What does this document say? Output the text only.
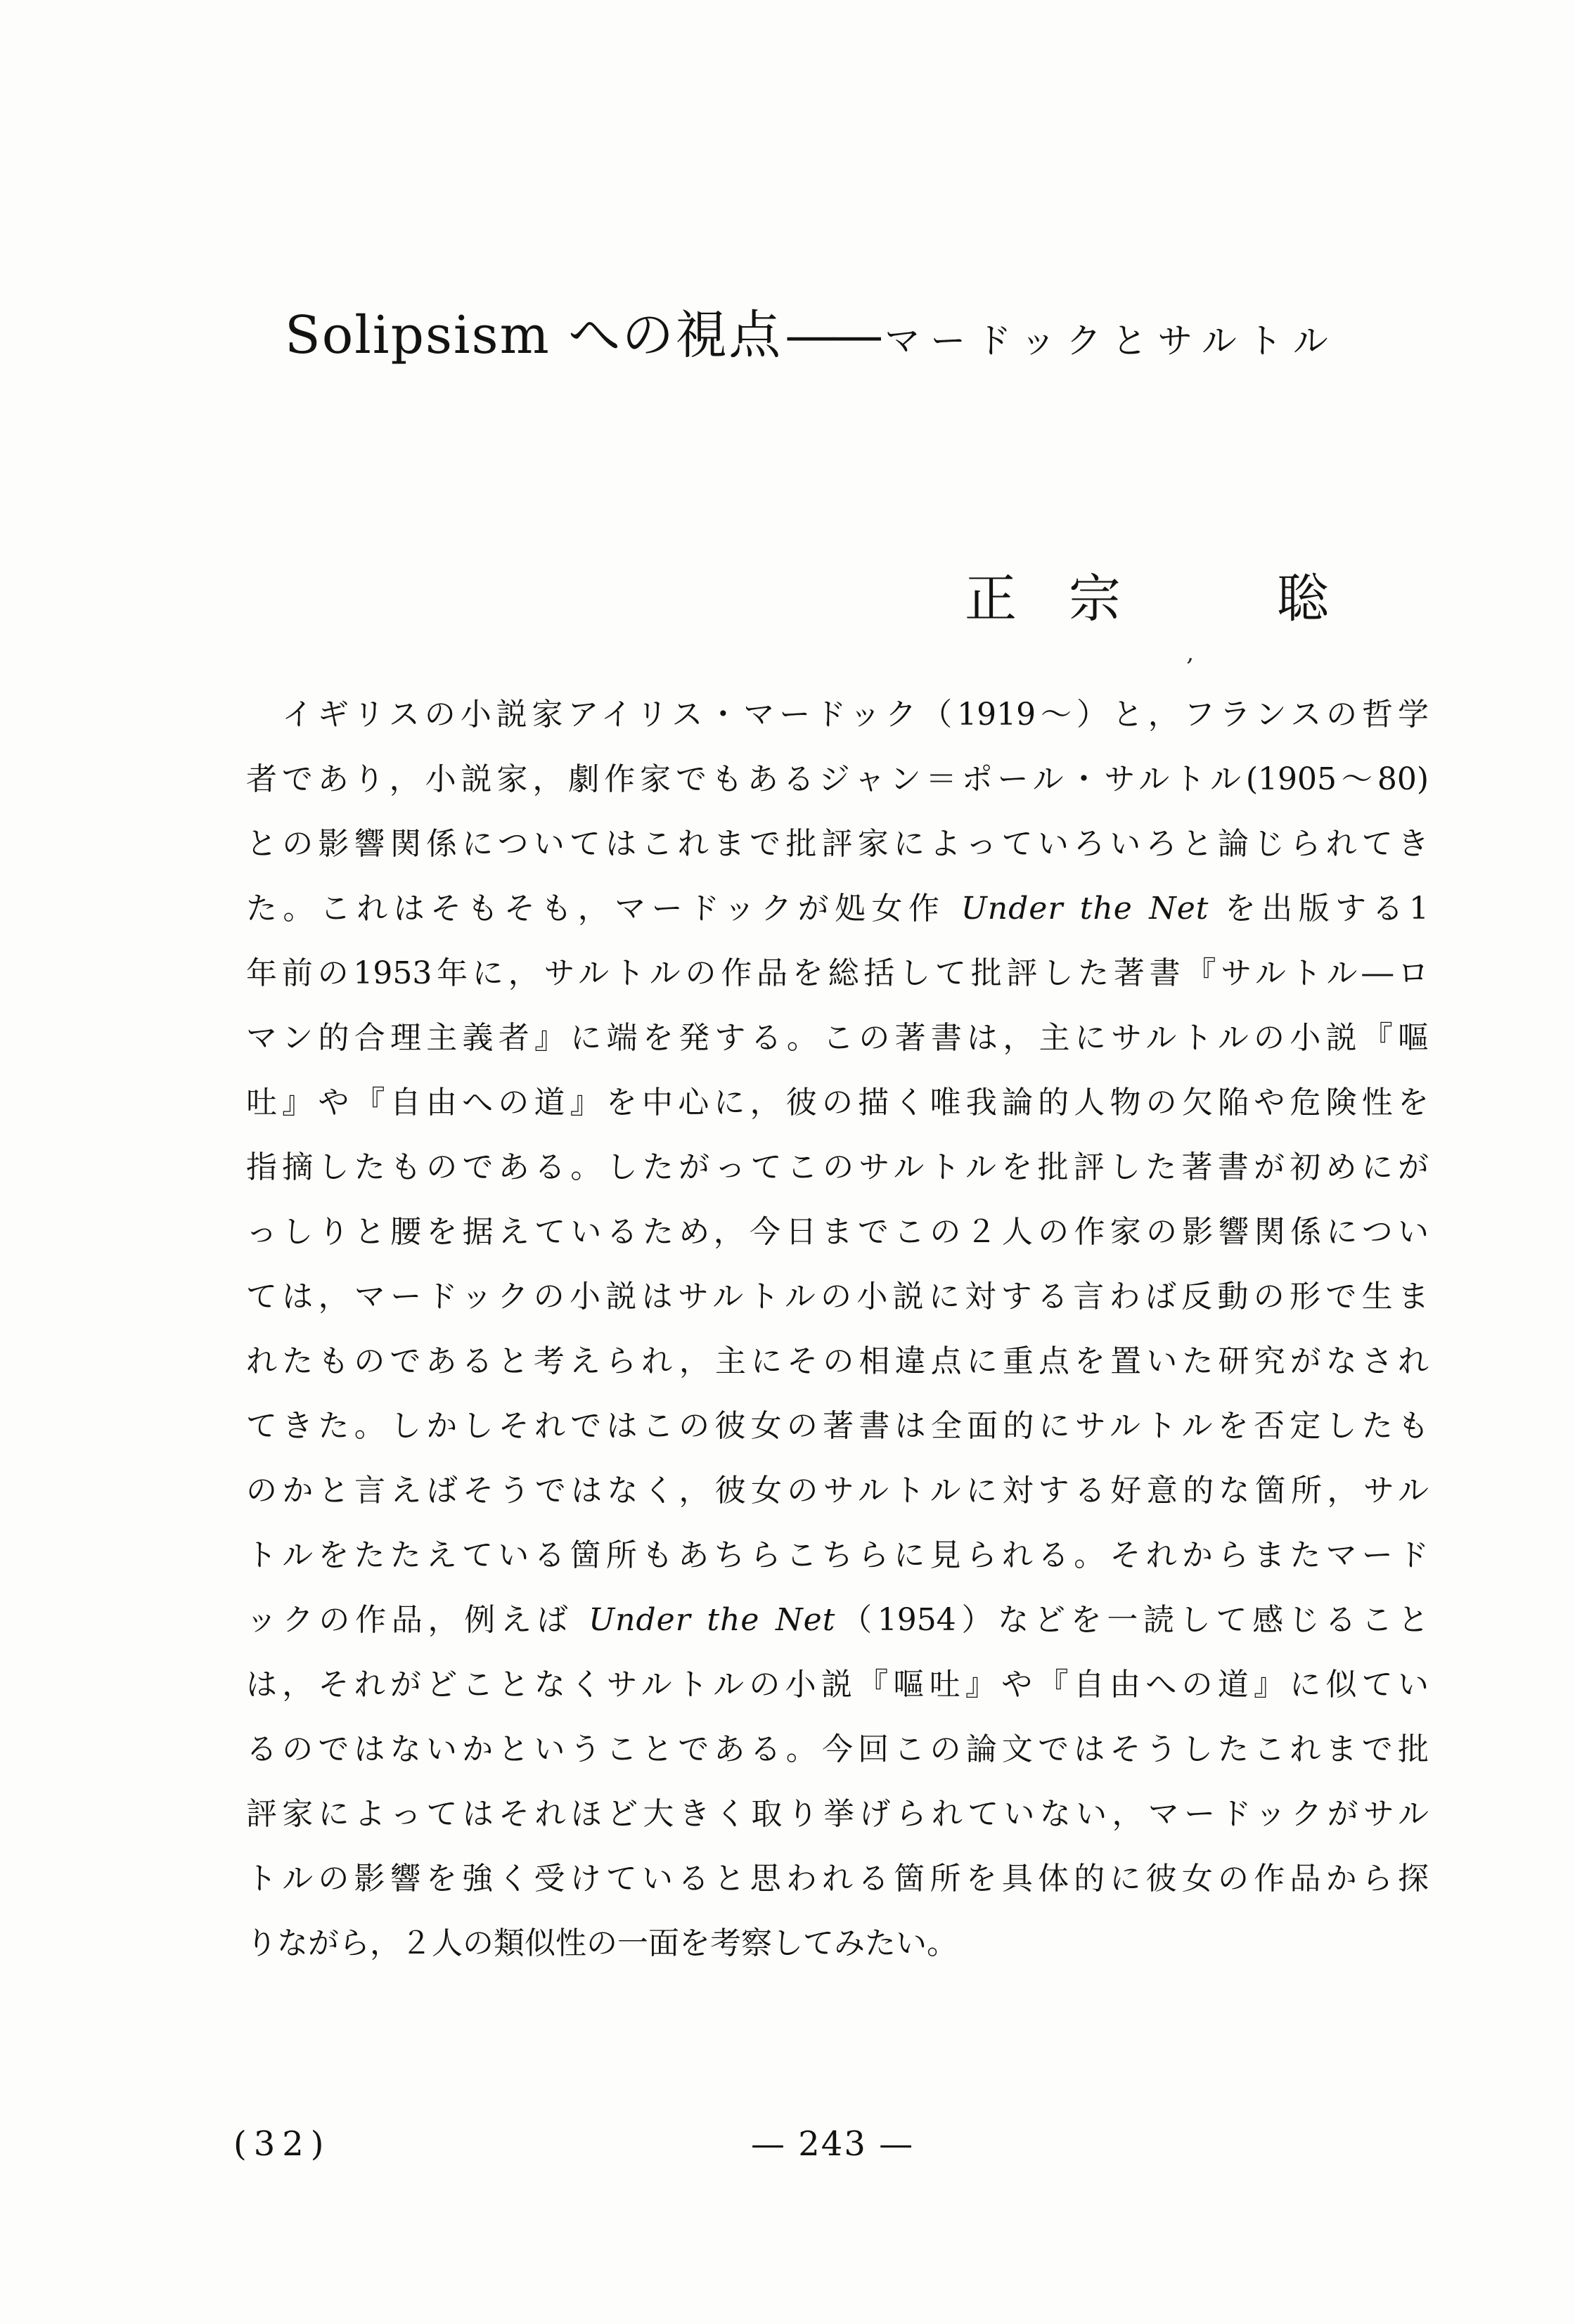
Solipsism への視点—— マードックとサルトル
正　宗　　　聡
ʼ
　イギリスの小説家アイリス・マードック（1919～）と，フランスの哲学
者であり，小説家，劇作家でもあるジャン＝ポール・サルトル(1905～80)
との影響関係についてはこれまで批評家によっていろいろと論じられてき
た。これはそもそも，マードックが処女作 Under the Net を出版する1
年前の1953年に，サルトルの作品を総括して批評した著書『サルトル―ロ
マン的合理主義者』に端を発する。この著書は，主にサルトルの小説『嘔
吐』や『自由への道』を中心に，彼の描く唯我論的人物の欠陥や危険性を
指摘したものである。したがってこのサルトルを批評した著書が初めにが
っしりと腰を据えているため，今日までこの２人の作家の影響関係につい
ては，マードックの小説はサルトルの小説に対する言わば反動の形で生ま
れたものであると考えられ，主にその相違点に重点を置いた研究がなされ
てきた。しかしそれではこの彼女の著書は全面的にサルトルを否定したも
のかと言えばそうではなく，彼女のサルトルに対する好意的な箇所，サル
トルをたたえている箇所もあちらこちらに見られる。それからまたマード
ックの作品，例えば Under the Net（1954）などを一読して感じること
は，それがどことなくサルトルの小説『嘔吐』や『自由への道』に似てい
るのではないかということである。今回この論文ではそうしたこれまで批
評家によってはそれほど大きく取り挙げられていない，マードックがサル
トルの影響を強く受けていると思われる箇所を具体的に彼女の作品から探
りながら，２人の類似性の一面を考察してみたい。
(32)	— 243 —
